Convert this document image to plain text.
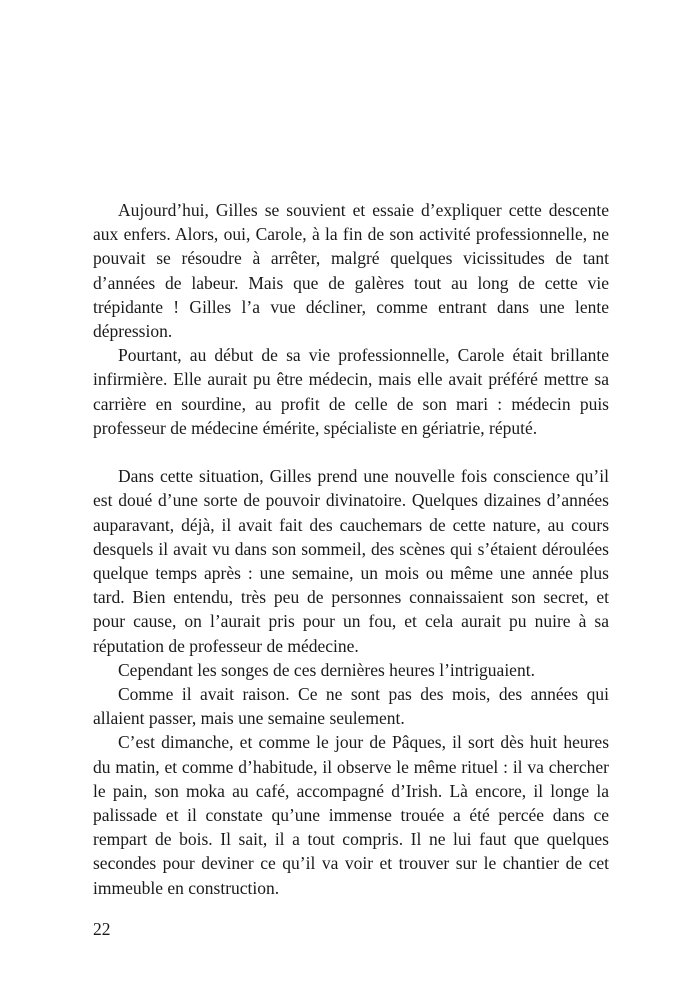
Aujourd’hui, Gilles se souvient et essaie d’expliquer cette descente aux enfers. Alors, oui, Carole, à la fin de son activité professionnelle, ne pouvait se résoudre à arrêter, malgré quelques vicissitudes de tant d’années de labeur. Mais que de galères tout au long de cette vie trépidante ! Gilles l’a vue décliner, comme entrant dans une lente dépression.

Pourtant, au début de sa vie professionnelle, Carole était brillante infirmière. Elle aurait pu être médecin, mais elle avait préféré mettre sa carrière en sourdine, au profit de celle de son mari : médecin puis professeur de médecine émérite, spécialiste en gériatrie, réputé.

Dans cette situation, Gilles prend une nouvelle fois conscience qu’il est doué d’une sorte de pouvoir divinatoire. Quelques dizaines d’années auparavant, déjà, il avait fait des cauchemars de cette nature, au cours desquels il avait vu dans son sommeil, des scènes qui s’étaient déroulées quelque temps après : une semaine, un mois ou même une année plus tard. Bien entendu, très peu de personnes connaissaient son secret, et pour cause, on l’aurait pris pour un fou, et cela aurait pu nuire à sa réputation de professeur de médecine.

Cependant les songes de ces dernières heures l’intriguaient.

Comme il avait raison. Ce ne sont pas des mois, des années qui allaient passer, mais une semaine seulement.

C’est dimanche, et comme le jour de Pâques, il sort dès huit heures du matin, et comme d’habitude, il observe le même rituel : il va chercher le pain, son moka au café, accompagné d’Irish. Là encore, il longe la palissade et il constate qu’une immense trouée a été percée dans ce rempart de bois. Il sait, il a tout compris. Il ne lui faut que quelques secondes pour deviner ce qu’il va voir et trouver sur le chantier de cet immeuble en construction.

22
